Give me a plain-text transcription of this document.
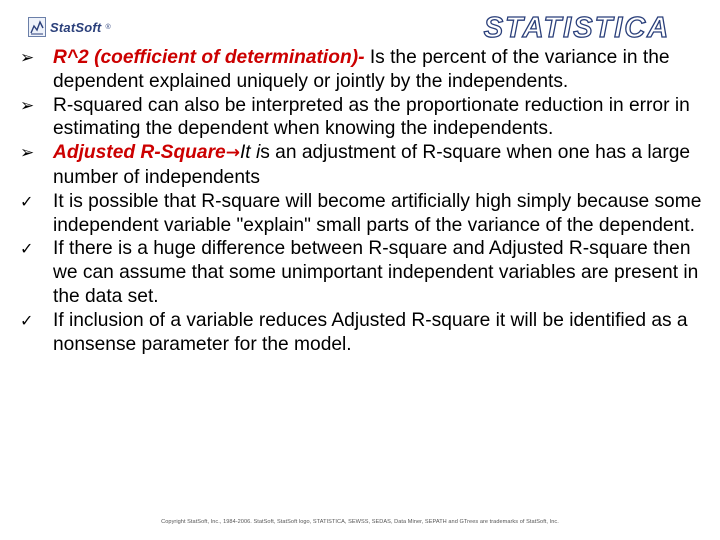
StatSoft ®	STATISTICA

➢ R^2 (coefficient of determination)- Is the percent of the variance in the dependent explained uniquely or jointly by the independents.

➢ R-squared can also be interpreted as the proportionate reduction in error in estimating the dependent when knowing the independents.

➢ Adjusted R-Square→It is an adjustment of R-square when one has a large number of independents

✓	It is possible that R-square will become artificially high simply because some independent variable "explain" small parts of the variance of the dependent.

✓	If there is a huge difference between R-square and Adjusted R-square then we can assume that some unimportant independent variables are present in the data set.

✓	If inclusion of a variable reduces Adjusted R-square it will be identified as a nonsense parameter for the model.

Copyright StatSoft, Inc., 1984-2006. StatSoft, StatSoft logo, STATISTICA, SEWSS, SEDAS, Data Miner, SEPATH and GTrees are trademarks of StatSoft, Inc.
